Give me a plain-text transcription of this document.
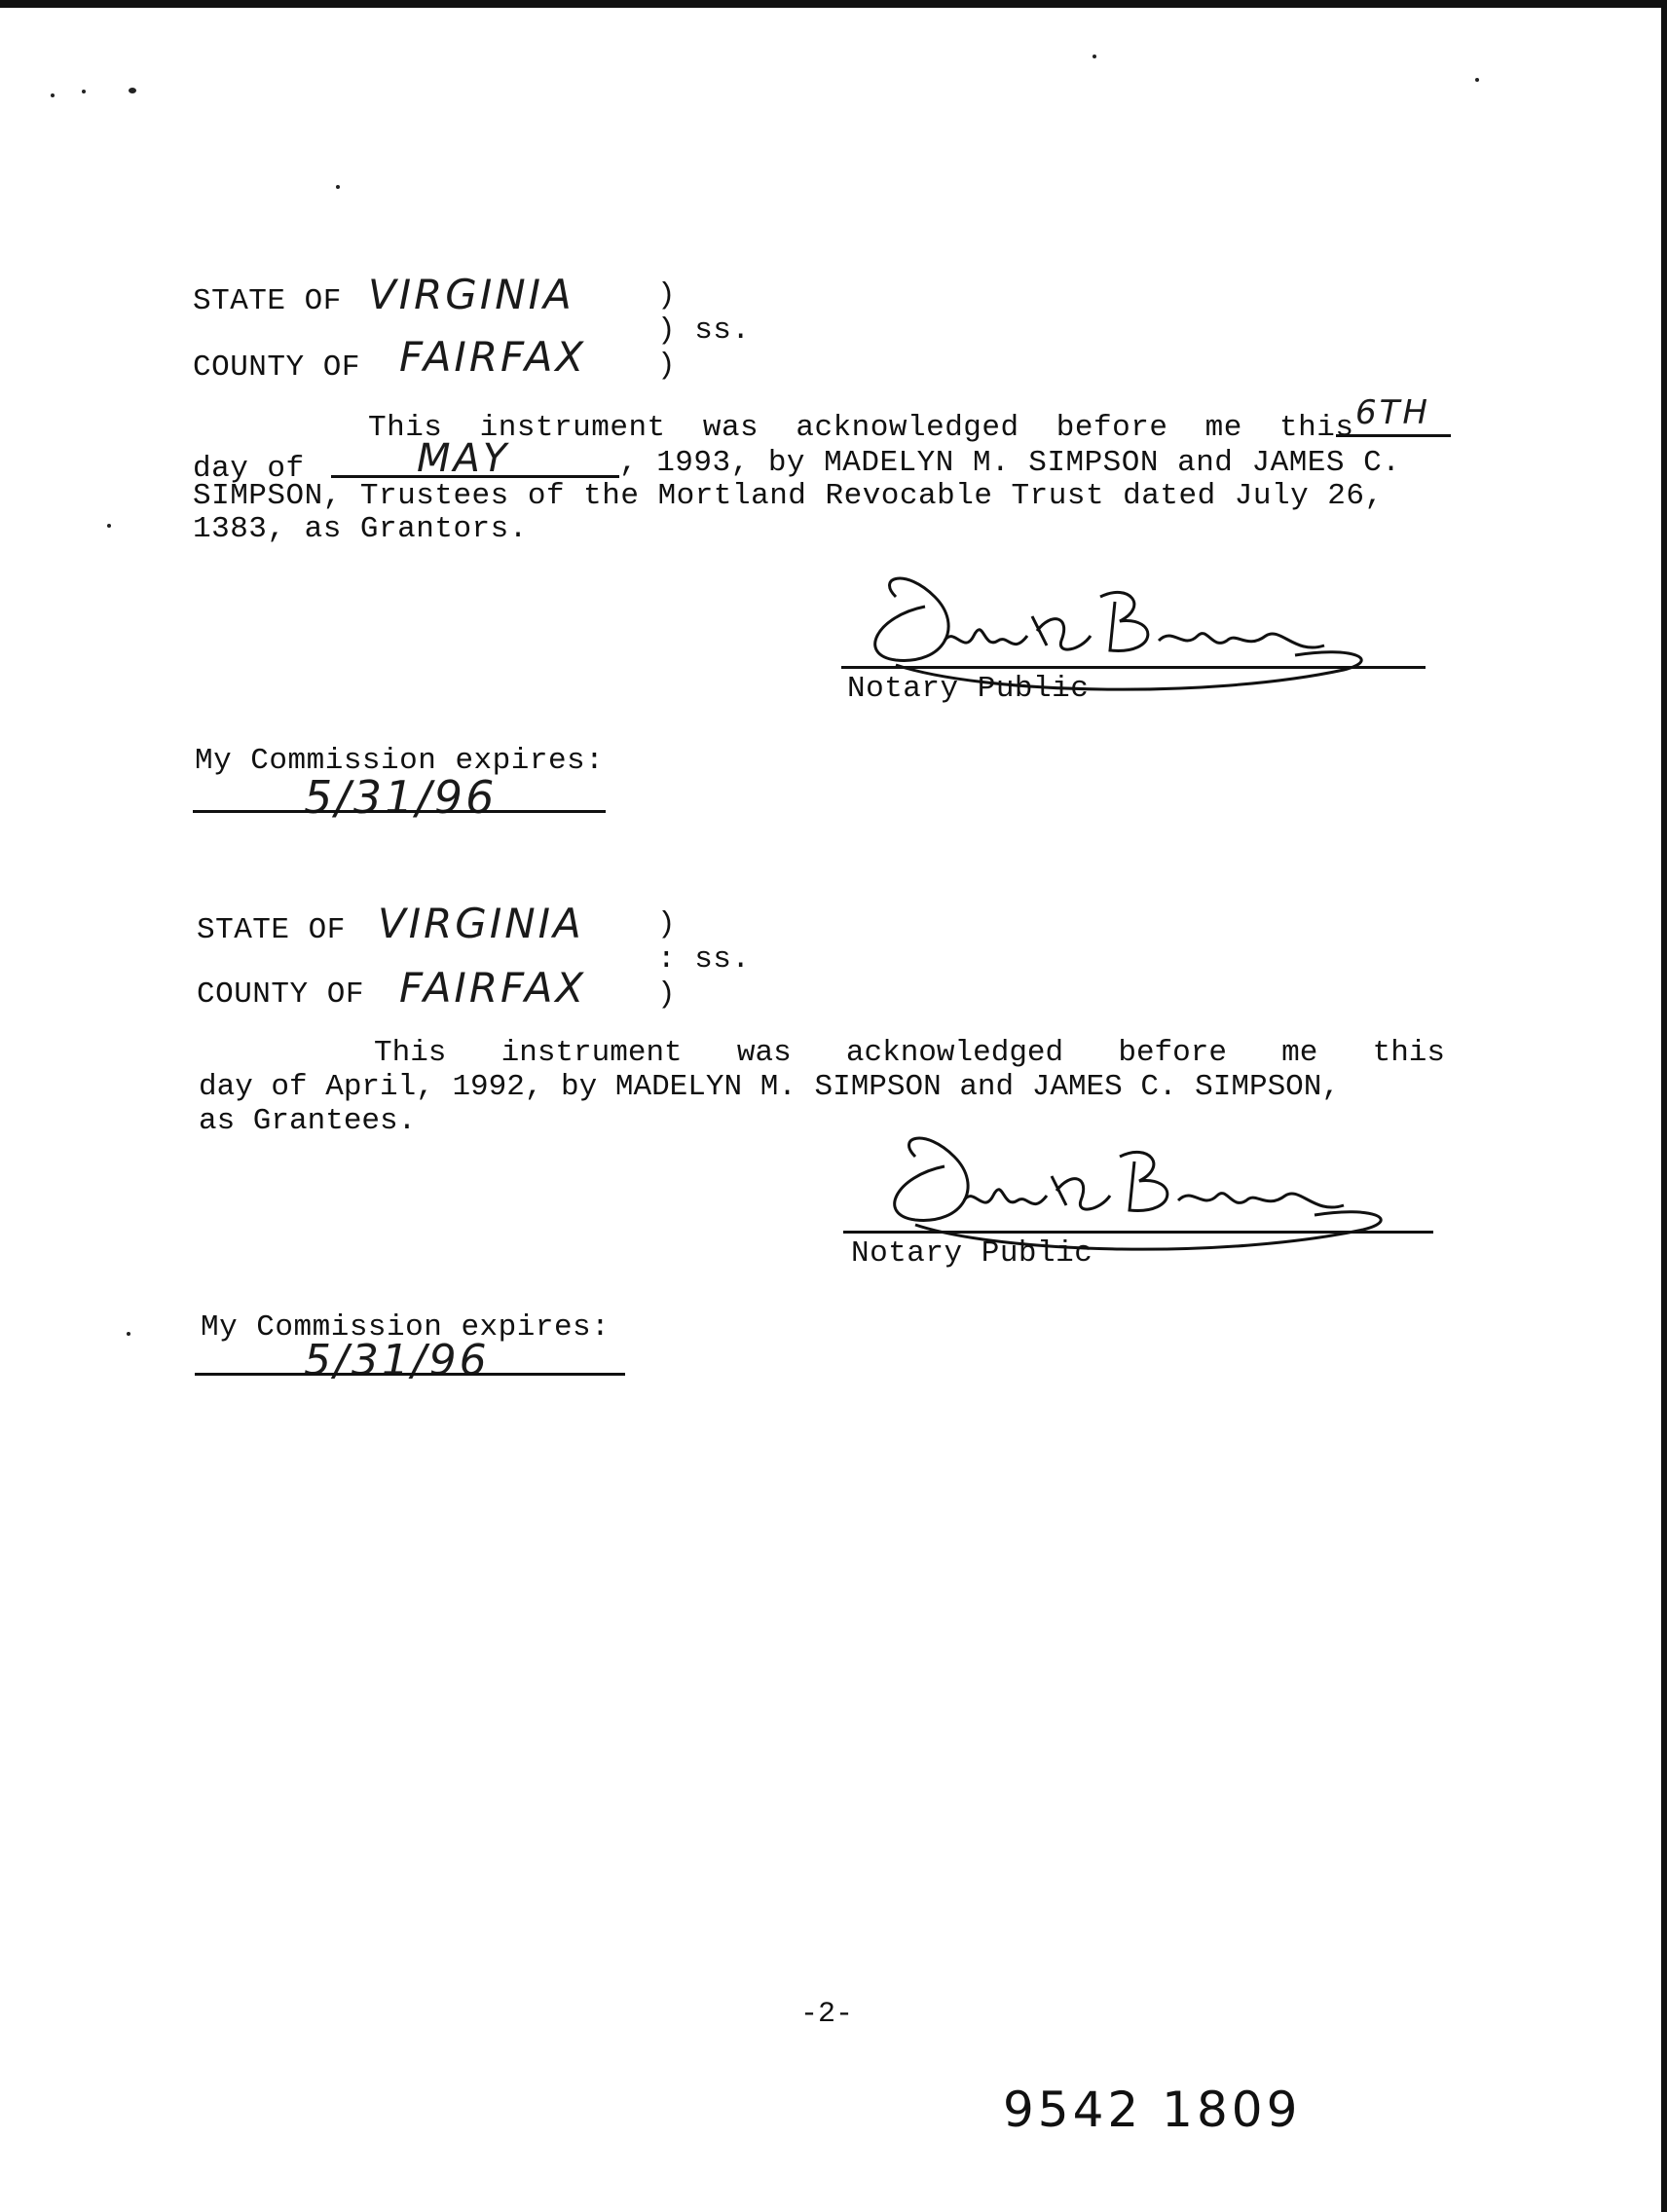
STATE OF VIRGINIA	)
) ss.
)
COUNTY OF FAIRFAX
This  instrument  was  acknowledged  before  me  this 6TH
day of	MAY	, 1993, by MADELYN M. SIMPSON and JAMES C.
SIMPSON, Trustees of the Mortland Revocable Trust dated July 26,
1383, as Grantors.
Notary Public
My Commission expires:
5/31/96
STATE OF VIRGINIA )
: ss.
)
COUNTY OF FAIRFAX
This instrument was acknowledged before me this
day of April, 1992, by MADELYN M. SIMPSON and JAMES C. SIMPSON,
as Grantees.
Notary Public
My Commission expires:
5/31/96
-2-
9542 1809
